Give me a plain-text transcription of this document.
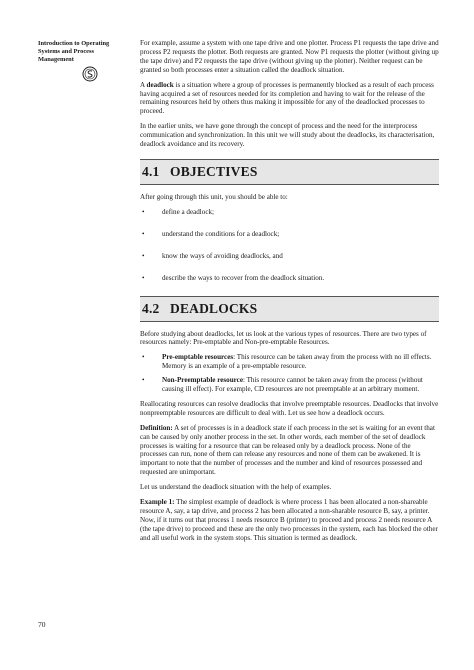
Introduction to Operating

Systems and Process

Management

For example, assume a system with one tape drive and one plotter. Process P1 requests the tape drive and process P2 requests the plotter. Both requests are granted. Now P1 requests the plotter (without giving up the tape drive) and P2 requests the tape drive (without giving up the plotter). Neither request can be granted so both processes enter a situation called the deadlock situation.

A deadlock is a situation where a group of processes is permanently blocked as a result of each process having acquired a set of resources needed for its completion and having to wait for the release of the remaining resources held by others thus making it impossible for any of the deadlocked processes to proceed.

In the earlier units, we have gone through the concept of process and the need for the interprocess communication and synchronization. In this unit we will study about the deadlocks, its characterisation, deadlock avoidance and its recovery.

4.1 OBJECTIVES

After going through this unit, you should be able to:

• define a deadlock;
• understand the conditions for a deadlock;
• know the ways of avoiding deadlocks, and
• describe the ways to recover from the deadlock situation.
4.2 DEADLOCKS

Before studying about deadlocks, let us look at the various types of resources. There are two types of resources namely: Pre-emptable and Non-pre-emptable Resources.

• Pre-emptable resources: This resource can be taken away from the process with no ill effects. Memory is an example of a pre-emptable resource.
• Non-Preemptable resource: This resource cannot be taken away from the process (without causing ill effect). For example, CD resources are not preemptable at an arbitrary moment.

Reallocating resources can resolve deadlocks that involve preemptable resources. Deadlocks that involve nonpreemptable resources are difficult to deal with. Let us see how a deadlock occurs.

Definition: A set of processes is in a deadlock state if each process in the set is waiting for an event that can be caused by only another process in the set. In other words, each member of the set of deadlock processes is waiting for a resource that can be released only by a deadlock process. None of the processes can run, none of them can release any resources and none of them can be awakened. It is important to note that the number of processes and the number and kind of resources possessed and requested are unimportant.

Let us understand the deadlock situation with the help of examples.

Example 1: The simplest example of deadlock is where process 1 has been allocated a non-shareable resource A, say, a tap drive, and process 2 has been allocated a non-sharable resource B, say, a printer. Now, if it turns out that process 1 needs resource B (printer) to proceed and process 2 needs resource A (the tape drive) to proceed and these are the only two processes in the system, each has blocked the other and all useful work in the system stops. This situation is termed as deadlock.

70
